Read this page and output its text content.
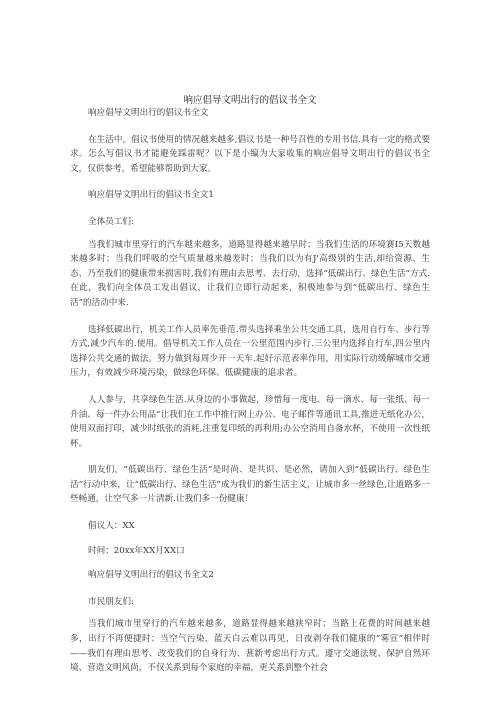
响应倡导文明出行的倡议书全文

响应倡导文明出行的倡议书全文

在生活中，倡议书使用的情况越来越多,倡议书是一种号召性的专用书信.具有一定的格式要求。怎么写倡议书才能避免踩雷呢？以下是小编为大家收集的响应倡导文明出行的倡议书全文，仅供参考，希望能够帮助到大家。

响应倡导文明出行的倡议书全文1

全体员工们:

当我们城市里穿行的汽车越来越多，道路显得越来越早时；当我们生活的环境赛I5天数越来越多时；当我们呼吸的空气质量越来越差时；当我们以为有J'高级别的生活,却给资源、生态、乃至我们的健康带来损害时,我们有理由去思考、去行动，选择“低碳出行、绿色生活”方式.在此，我们向全体员工发出倡议，让我们立即行动起来，积极地参与到“低碳出行、绿色生活”的活动中来.

选择低碳出行，机关工作人员率先垂范.带头选择乘坐公共交通工具，选用自行车、步行等方式,减少汽车的.使用。倡导机关工作人员在一公里范围内步行.三公里内选择自行车,四公里内选择公共交通的做法。努力做到每周少开一天车.起好示范表率作用，用实际行动缓解城市交通压力，有效减少环境污染，做绿色环保、低碳健康的追求者。

人人参与，共享绿色生活.从身边的小事做起，珍惜每一度电、每一滴水、每一张纸、每一升油、每一件办公用品“让我们在工作中推行网上办公、电子邮件等通讯工具,推进无纸化办公，使用双面打印，减少时纸张的消耗,注重复印纸的再利用;办公空消用自备水杯，不使用一次性纸杯。

朋友们，“低碳出行、绿色生活”是时尚、是共识、是必然，请加入到“低碳出行、绿色生活”行动中来，让“低碳出行、绿色生活”成为我们的新生活主义，让城市多一丝绿色,让道路多一些畅通，让空气多一片清新.让我们多一份健康！

倡议人：XX

时间：20xx年XX月XX口

响应倡导文明出行的倡议书全文2

市民朋友们:

当我们城市里穿行的汽车越来越多，道路显得越来越狭窄时；当路上花费的时间越来越多，出行不再便捷时；当空气污染，蓝天白云难以再见，日夜剥夺我们健康的“雾宣”相伴时——我们有理由思考、改变我们的自身行为、葚新考虑出行方式。遵守交通法规、保护自然环境、营造文明风尚，不仅关系到每个家庭的幸福，更关系到整个社会
